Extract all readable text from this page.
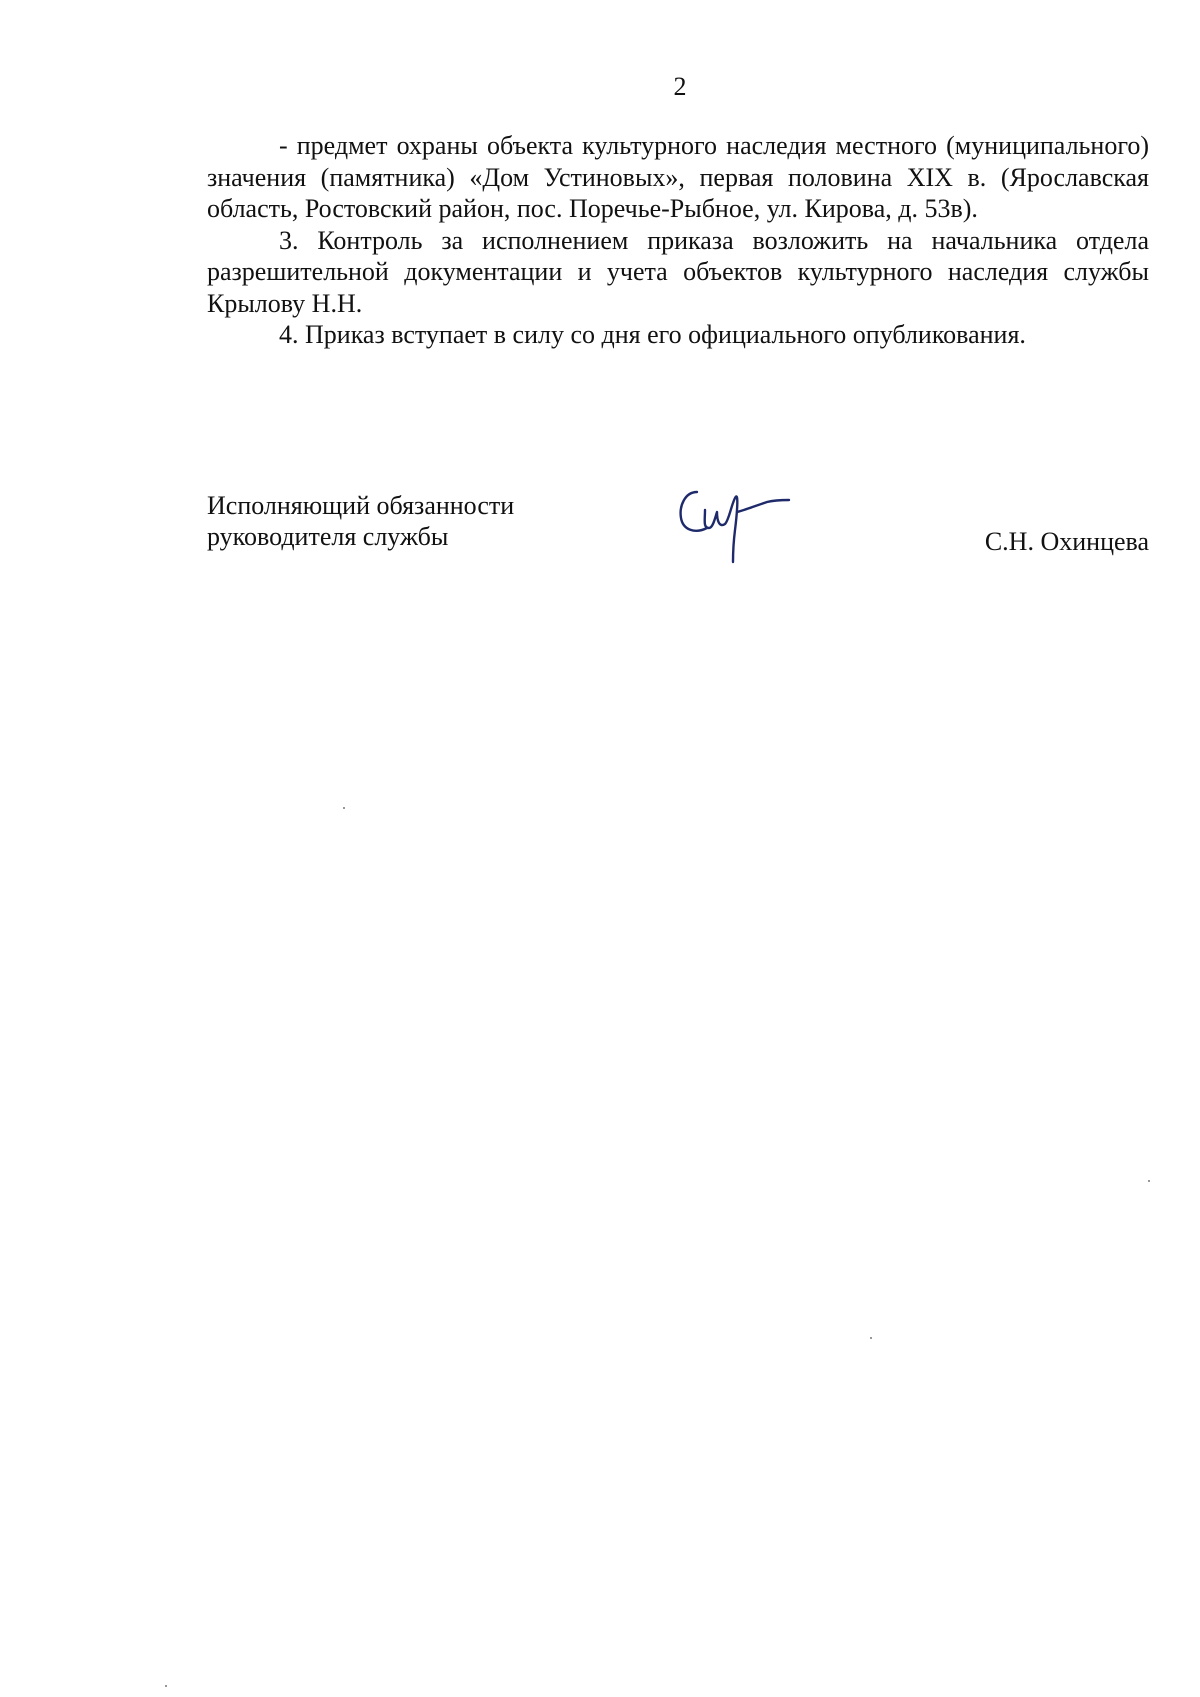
2

- предмет охраны объекта культурного наследия местного (муниципального) значения (памятника) «Дом Устиновых», первая половина XIX в. (Ярославская область, Ростовский район, пос. Поречье-Рыбное, ул. Кирова, д. 53в).

3. Контроль за исполнением приказа возложить на начальника отдела разрешительной документации и учета объектов культурного наследия службы Крылову Н.Н.

4. Приказ вступает в силу со дня его официального опубликования.

Исполняющий обязанности
руководителя службы	С.Н. Охинцева
